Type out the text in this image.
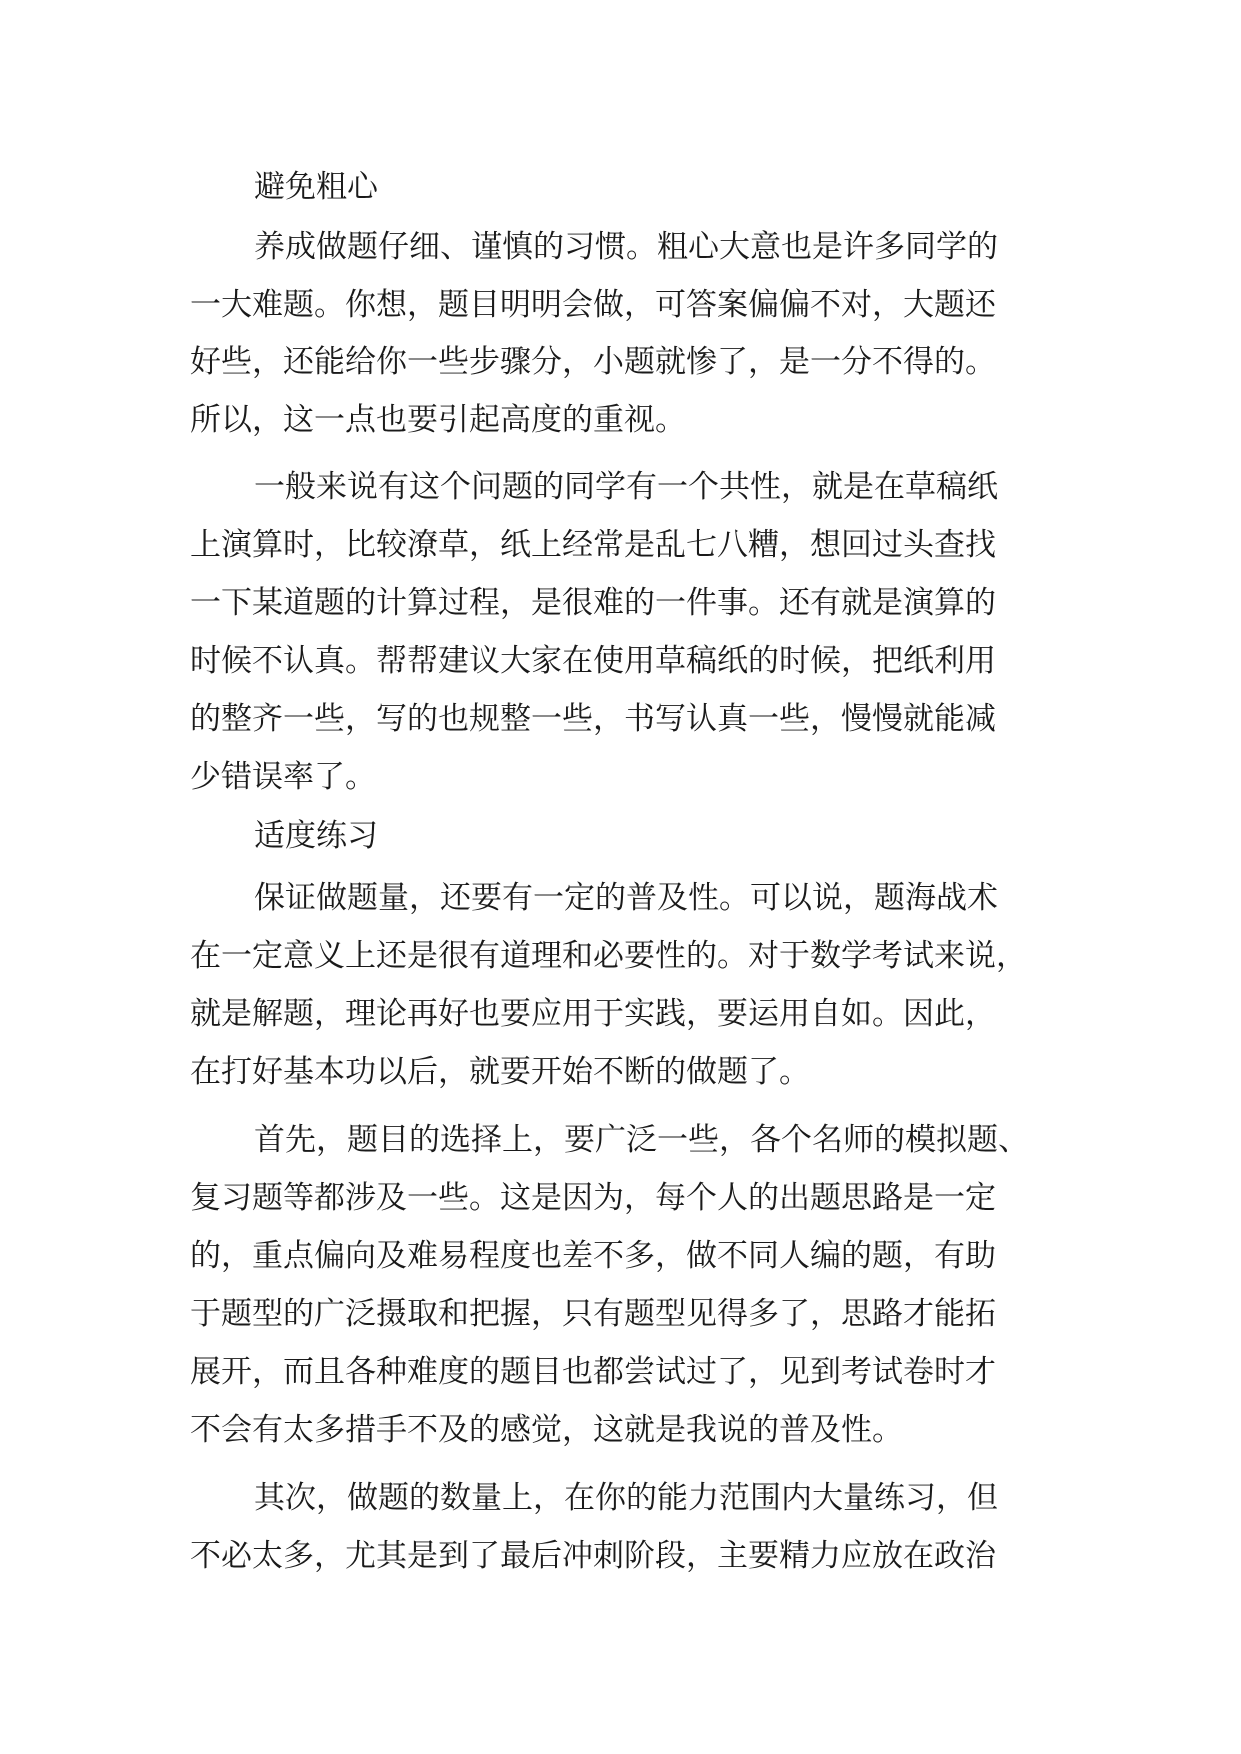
避免粗心
养成做题仔细、谨慎的习惯。粗心大意也是许多同学的
一大难题。你想，题目明明会做，可答案偏偏不对，大题还
好些，还能给你一些步骤分，小题就惨了，是一分不得的。
所以，这一点也要引起高度的重视。
一般来说有这个问题的同学有一个共性，就是在草稿纸
上演算时，比较潦草，纸上经常是乱七八糟，想回过头查找
一下某道题的计算过程，是很难的一件事。还有就是演算的
时候不认真。帮帮建议大家在使用草稿纸的时候，把纸利用
的整齐一些，写的也规整一些，书写认真一些，慢慢就能减
少错误率了。
适度练习
保证做题量，还要有一定的普及性。可以说，题海战术
在一定意义上还是很有道理和必要性的。对于数学考试来说，
就是解题，理论再好也要应用于实践，要运用自如。因此，
在打好基本功以后，就要开始不断的做题了。
首先，题目的选择上，要广泛一些，各个名师的模拟题、
复习题等都涉及一些。这是因为，每个人的出题思路是一定
的，重点偏向及难易程度也差不多，做不同人编的题，有助
于题型的广泛摄取和把握，只有题型见得多了，思路才能拓
展开，而且各种难度的题目也都尝试过了，见到考试卷时才
不会有太多措手不及的感觉，这就是我说的普及性。
其次，做题的数量上，在你的能力范围内大量练习，但
不必太多，尤其是到了最后冲刺阶段，主要精力应放在政治
